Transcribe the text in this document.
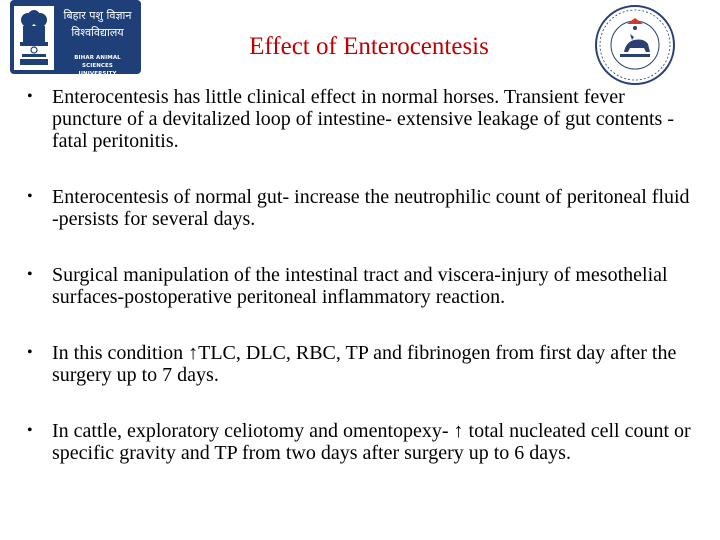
बिहार पशु विज्ञान
विश्वविद्यालय
BIHAR ANIMAL SCIENCES
UNIVERSITY
Effect of Enterocentesis
• Enterocentesis has little clinical effect in normal horses. Transient fever puncture of a devitalized loop of intestine- extensive leakage of gut contents -fatal peritonitis.
• Enterocentesis of normal gut- increase the neutrophilic count of peritoneal fluid -persists for several days.
• Surgical manipulation of the intestinal tract and viscera-injury of mesothelial surfaces-postoperative peritoneal inflammatory reaction.
• In this condition ↑TLC, DLC, RBC, TP and fibrinogen from first day after the surgery up to 7 days.
• In cattle, exploratory celiotomy and omentopexy- ↑ total nucleated cell count or specific gravity and TP from two days after surgery up to 6 days.
